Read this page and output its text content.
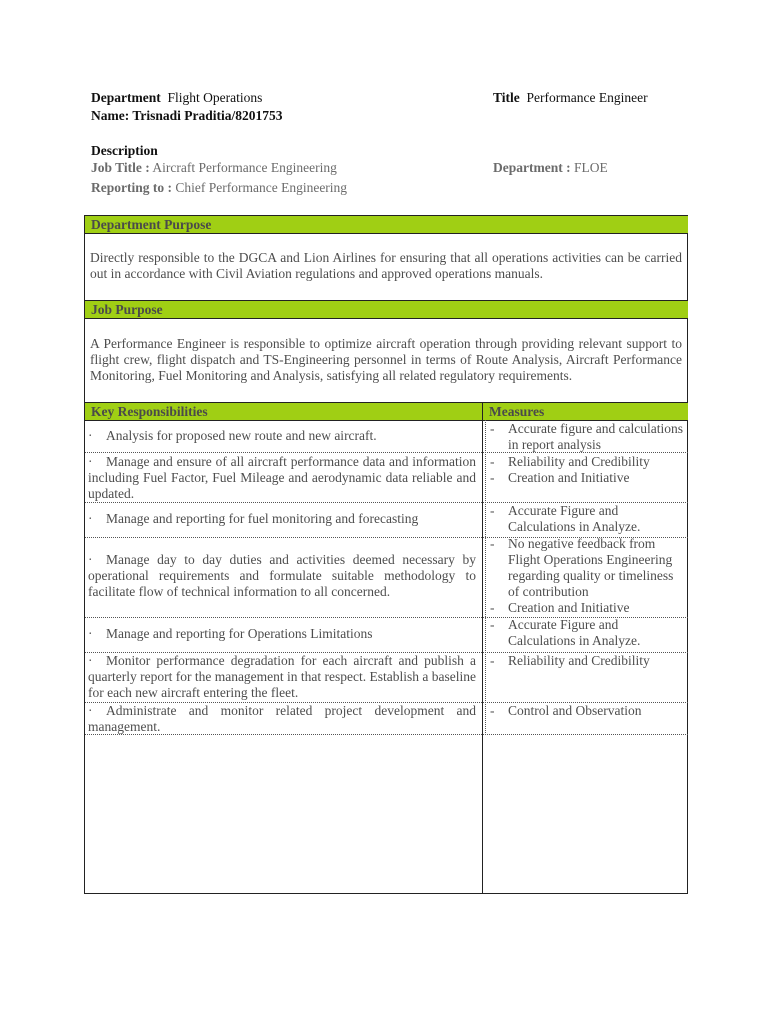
Department Flight Operations	Title Performance Engineer
Name: Trisnadi Praditia/8201753
Description
Job Title : Aircraft Performance Engineering
Reporting to : Chief Performance Engineering
Department : FLOE
Department Purpose
Directly responsible to the DGCA and Lion Airlines for ensuring that all operations activities can be carried out in accordance with Civil Aviation regulations and approved operations manuals.
Job Purpose
A Performance Engineer is responsible to optimize aircraft operation through providing relevant support to flight crew, flight dispatch and TS-Engineering personnel in terms of Route Analysis, Aircraft Performance Monitoring, Fuel Monitoring and Analysis, satisfying all related regulatory requirements.
Key Responsibilities	Measures
· Analysis for proposed new route and new aircraft.
-	Accurate figure and calculations in report analysis
· Manage and ensure of all aircraft performance data and information including Fuel Factor, Fuel Mileage and aerodynamic data reliable and updated.
- Reliability and Credibility
- Creation and Initiative
· Manage and reporting for fuel monitoring and forecasting
- Accurate Figure and Calculations in Analyze.
· Manage day to day duties and activities deemed necessary by operational requirements and formulate suitable methodology to facilitate flow of technical information to all concerned.
- No negative feedback from Flight Operations Engineering regarding quality or timeliness of contribution
- Creation and Initiative
· Manage and reporting for Operations Limitations
- Accurate Figure and Calculations in Analyze.
· Monitor performance degradation for each aircraft and publish a quarterly report for the management in that respect. Establish a baseline for each new aircraft entering the fleet.
- Reliability and Credibility
· Administrate and monitor related project development and management.
- Control and Observation
